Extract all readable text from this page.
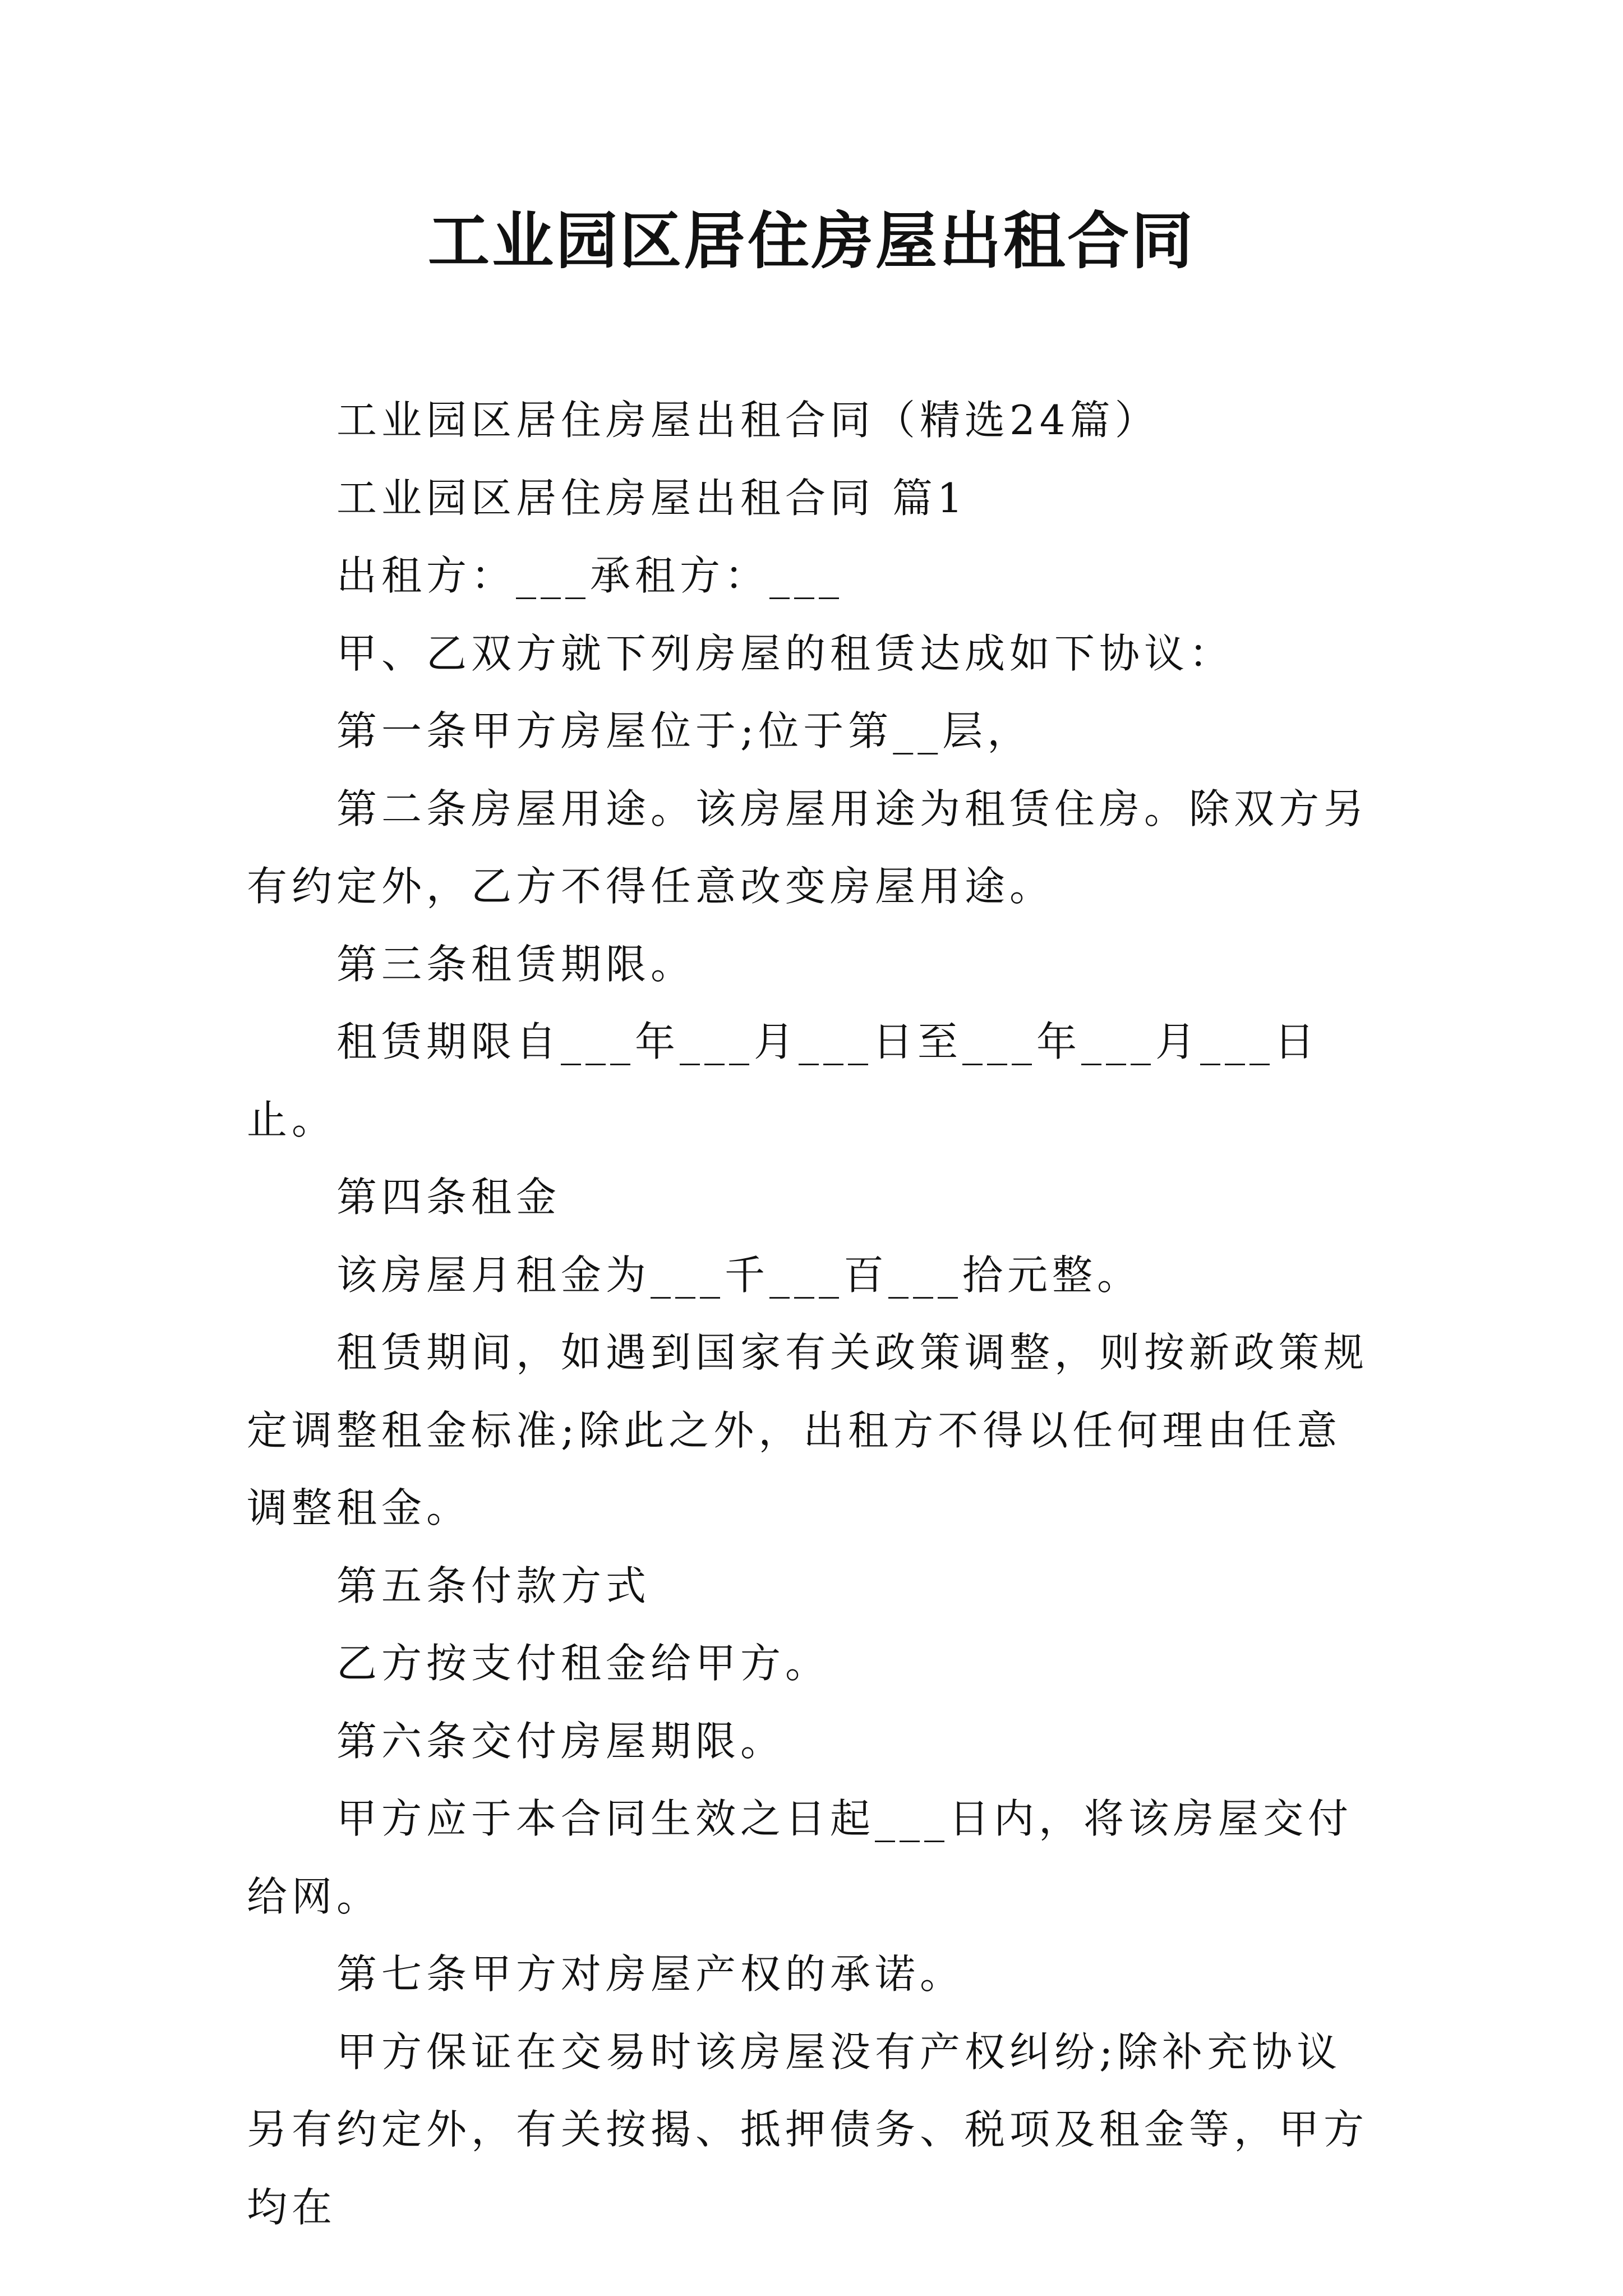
工业园区居住房屋出租合同

工业园区居住房屋出租合同（精选24篇）

工业园区居住房屋出租合同 篇1

出租方：___承租方：___

甲、乙双方就下列房屋的租赁达成如下协议：

第一条甲方房屋位于;位于第__层，

第二条房屋用途。该房屋用途为租赁住房。除双方另有约定外，乙方不得任意改变房屋用途。

第三条租赁期限。

租赁期限自___年___月___日至___年___月___日止。

第四条租金

该房屋月租金为___千___百___拾元整。

租赁期间，如遇到国家有关政策调整，则按新政策规定调整租金标准;除此之外，出租方不得以任何理由任意调整租金。

第五条付款方式

乙方按支付租金给甲方。

第六条交付房屋期限。

甲方应于本合同生效之日起___日内，将该房屋交付给网。

第七条甲方对房屋产权的承诺。

甲方保证在交易时该房屋没有产权纠纷;除补充协议另有约定外，有关按揭、抵押债务、税项及租金等，甲方均在
